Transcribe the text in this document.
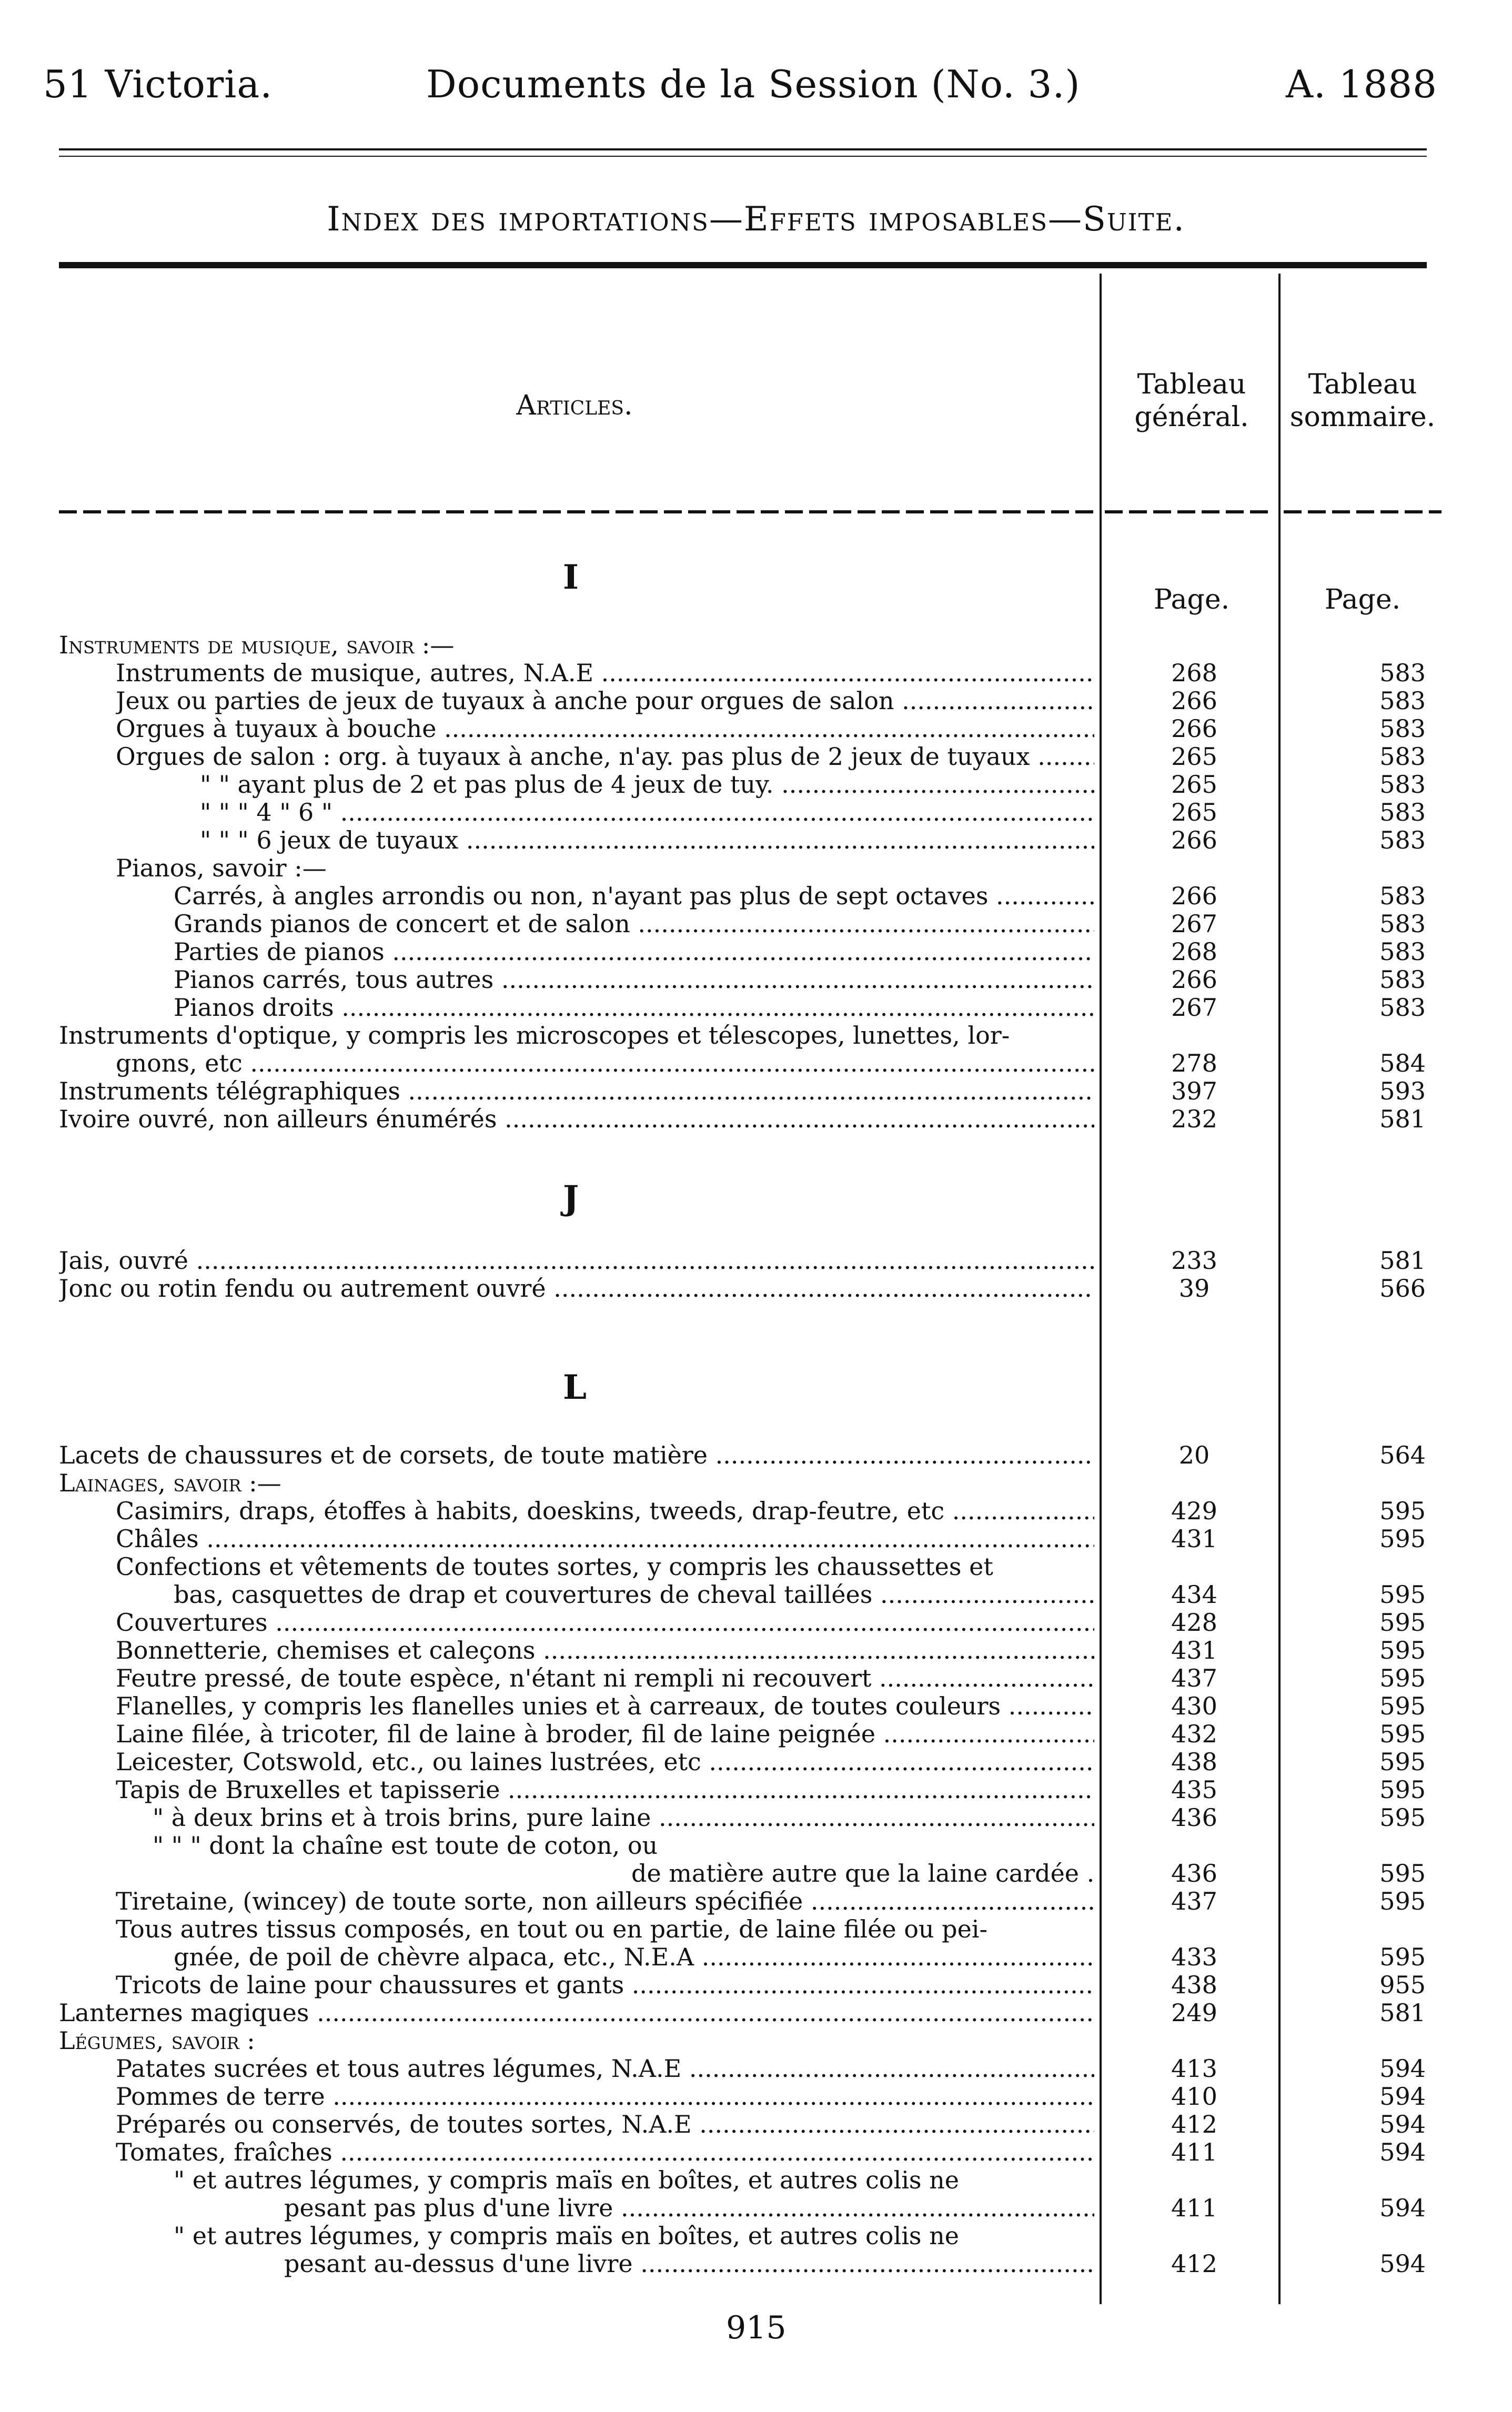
51 Victoria.	Documents de la Session (No. 3.)	A. 1888
Index des importations—Effets imposables—Suite.
Articles.
Tableau
général.
Tableau
sommaire.
I
Page.	Page.
Instruments de musique, savoir :—
Instruments de musique, autres, N.A.E .....	268	583
Jeux ou parties de jeux de tuyaux à anche pour orgues de salon .....	266	583
Orgues à tuyaux à bouche .....	266	583
Orgues de salon : org. à tuyaux à anche, n'ay. pas plus de 2 jeux de tuyaux .....	265	583
" " ayant plus de 2 et pas plus de 4 jeux de tuy. .....	265	583
" " " 4 " 6 " .....	265	583
" " " 6 jeux de tuyaux .....	266	583
Pianos, savoir :—
Carrés, à angles arrondis ou non, n'ayant pas plus de sept octaves .....	266	583
Grands pianos de concert et de salon .....	267	583
Parties de pianos .....	268	583
Pianos carrés, tous autres .....	266	583
Pianos droits .....	267	583
Instruments d'optique, y compris les microscopes et télescopes, lunettes, lor-
gnons, etc .....	278	584
Instruments télégraphiques .....	397	593
Ivoire ouvré, non ailleurs énumérés .....	232	581
J
Jais, ouvré .....	233	581
Jonc ou rotin fendu ou autrement ouvré .....	39	566
L
Lacets de chaussures et de corsets, de toute matière .....	20	564
Lainages, savoir :—
Casimirs, draps, étoffes à habits, doeskins, tweeds, drap-feutre, etc .....	429	595
Châles .....	431	595
Confections et vêtements de toutes sortes, y compris les chaussettes et
bas, casquettes de drap et couvertures de cheval taillées .....	434	595
Couvertures .....	428	595
Bonnetterie, chemises et caleçons .....	431	595
Feutre pressé, de toute espèce, n'étant ni rempli ni recouvert .....	437	595
Flanelles, y compris les flanelles unies et à carreaux, de toutes couleurs .....	430	595
Laine filée, à tricoter, fil de laine à broder, fil de laine peignée .....	432	595
Leicester, Cotswold, etc., ou laines lustrées, etc .....	438	595
Tapis de Bruxelles et tapisserie .....	435	595
" à deux brins et à trois brins, pure laine .....	436	595
" " " dont la chaîne est toute de coton, ou
de matière autre que la laine cardée .....	436	595
Tiretaine, (wincey) de toute sorte, non ailleurs spécifiée .....	437	595
Tous autres tissus composés, en tout ou en partie, de laine filée ou pei-
gnée, de poil de chèvre alpaca, etc., N.E.A .....	433	595
Tricots de laine pour chaussures et gants .....	438	955
Lanternes magiques .....	249	581
Légumes, savoir :
Patates sucrées et tous autres légumes, N.A.E .....	413	594
Pommes de terre .....	410	594
Préparés ou conservés, de toutes sortes, N.A.E .....	412	594
Tomates, fraîches .....	411	594
" et autres légumes, y compris maïs en boîtes, et autres colis ne
pesant pas plus d'une livre .....	411	594
" et autres légumes, y compris maïs en boîtes, et autres colis ne
pesant au-dessus d'une livre .....	412	594
915
